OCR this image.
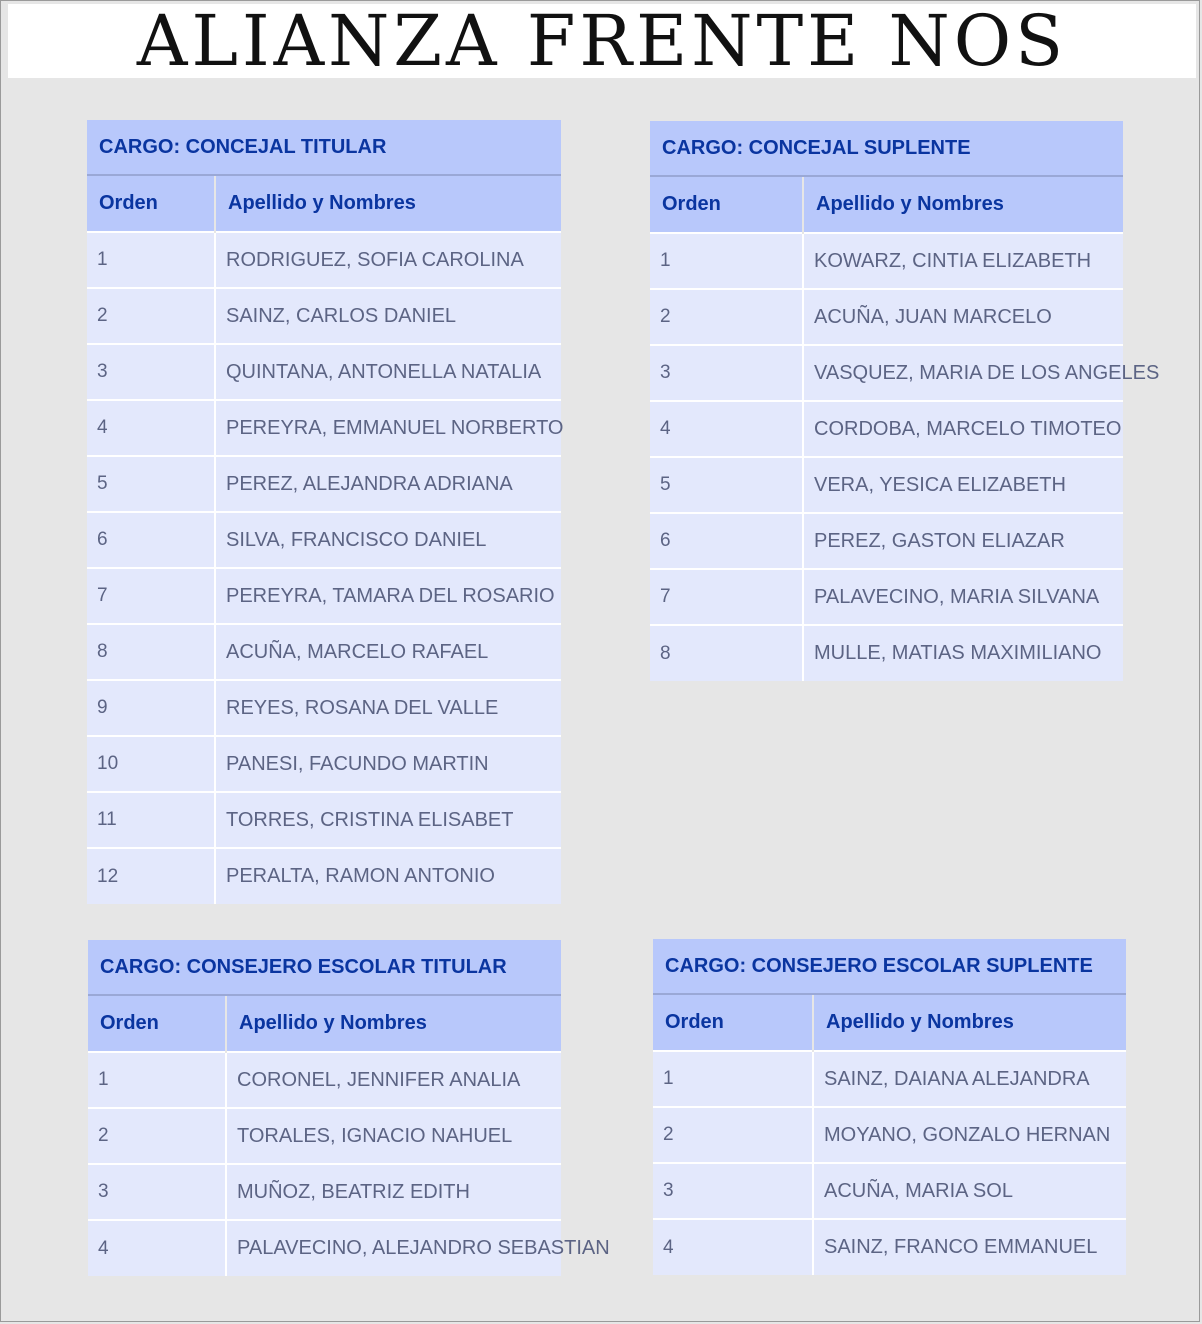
ALIANZA FRENTE NOS
CARGO: CONCEJAL TITULAR
Orden	Apellido y Nombres
1	RODRIGUEZ, SOFIA CAROLINA
2	SAINZ, CARLOS DANIEL
3	QUINTANA, ANTONELLA NATALIA
4	PEREYRA, EMMANUEL NORBERTO
5	PEREZ, ALEJANDRA ADRIANA
6	SILVA, FRANCISCO DANIEL
7	PEREYRA, TAMARA DEL ROSARIO
8	ACUÑA, MARCELO RAFAEL
9	REYES, ROSANA DEL VALLE
10	PANESI, FACUNDO MARTIN
11	TORRES, CRISTINA ELISABET
12	PERALTA, RAMON ANTONIO
CARGO: CONCEJAL SUPLENTE
Orden	Apellido y Nombres
1	KOWARZ, CINTIA ELIZABETH
2	ACUÑA, JUAN MARCELO
3	VASQUEZ, MARIA DE LOS ANGELES
4	CORDOBA, MARCELO TIMOTEO
5	VERA, YESICA ELIZABETH
6	PEREZ, GASTON ELIAZAR
7	PALAVECINO, MARIA SILVANA
8	MULLE, MATIAS MAXIMILIANO
CARGO: CONSEJERO ESCOLAR TITULAR
Orden	Apellido y Nombres
1	CORONEL, JENNIFER ANALIA
2	TORALES, IGNACIO NAHUEL
3	MUÑOZ, BEATRIZ EDITH
4	PALAVECINO, ALEJANDRO SEBASTIAN
CARGO: CONSEJERO ESCOLAR SUPLENTE
Orden	Apellido y Nombres
1	SAINZ, DAIANA ALEJANDRA
2	MOYANO, GONZALO HERNAN
3	ACUÑA, MARIA SOL
4	SAINZ, FRANCO EMMANUEL
